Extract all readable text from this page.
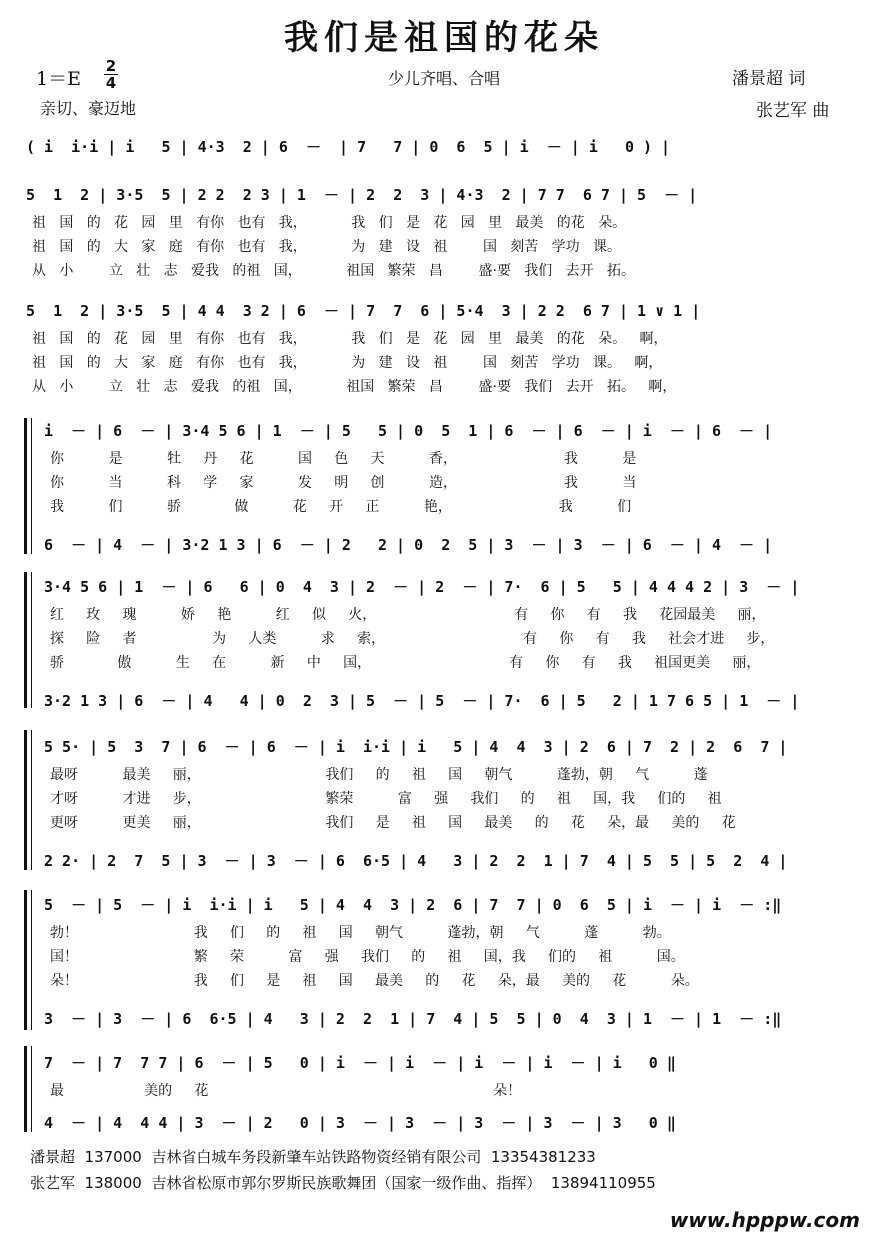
我们是祖国的花朵
1＝E
2
4	少儿齐唱、合唱	潘景超 词
张艺军 曲
亲切、豪迈地
( i  i·i | i   5 | 4·3  2 | 6  －  | 7   7 | 0  6  5 | i  － | i   0 ) |
5  1  2 | 3·5  5 | 2 2  2 3 | 1  － | 2  2  3 | 4·3  2 | 7 7  6 7 | 5  － |
祖   国   的   花   园   里   有你   也有   我，          我   们   是   花   园   里   最美   的花   朵。
祖   国   的   大   家   庭   有你   也有   我，          为   建   设   祖        国   刻苦   学功   课。
从   小        立   壮   志   爱我   的祖   国，          祖国   繁荣   昌        盛·要   我们   去开   拓。
5  1  2 | 3·5  5 | 4 4  3 2 | 6  － | 7  7  6 | 5·4  3 | 2 2  6 7 | 1 ∨ 1 |
祖   国   的   花   园   里   有你   也有   我，          我   们   是   花   园   里   最美   的花   朵。   啊，
祖   国   的   大   家   庭   有你   也有   我，          为   建   设   祖        国   刻苦   学功   课。   啊，
从   小        立   壮   志   爱我   的祖   国，          祖国   繁荣   昌        盛·要   我们   去开   拓。   啊，
i  － | 6  － | 3·4 5 6 | 1  － | 5   5 | 0  5  1 | 6  － | 6  － | i  － | 6  － |
你          是          牡     丹     花          国     色     天          香，                        我          是
你          当          科     学     家          发     明     创          造，                        我          当
我          们          骄            做          花     开     正          艳，                        我          们
6  － | 4  － | 3·2 1 3 | 6  － | 2   2 | 0  2  5 | 3  － | 3  － | 6  － | 4  － |
3·4 5 6 | 1  － | 6   6 | 0  4  3 | 2  － | 2  － | 7·  6 | 5   5 | 4 4 4 2 | 3  － |
红     玫     瑰          娇     艳          红     似     火，                               有     你     有     我     花园最美     丽，
探     险     者                 为     人类          求     索，                               有     你     有     我     社会才进     步，
骄            傲          生     在          新     中     国，                               有     你     有     我     祖国更美     丽，
3·2 1 3 | 6  － | 4   4 | 0  2  3 | 5  － | 5  － | 7·  6 | 5   2 | 1 7 6 5 | 1  － |
5 5· | 5  3  7 | 6  － | 6  － | i  i·i | i   5 | 4  4  3 | 2  6 | 7  2 | 2  6  7 |
最呀          最美     丽，                            我们     的     祖     国     朝气          蓬勃，朝     气          蓬
才呀          才进     步，                            繁荣          富     强     我们     的     祖     国，我     们的     祖
更呀          更美     丽，                            我们     是     祖     国     最美     的     花     朵，最     美的     花
2 2· | 2  7  5 | 3  － | 3  － | 6  6·5 | 4   3 | 2  2  1 | 7  4 | 5  5 | 5  2  4 |
5  － | 5  － | i  i·i | i   5 | 4  4  3 | 2  6 | 7  7 | 0  6  5 | i  － | i  － :‖
勃！                          我     们     的     祖     国     朝气          蓬勃，朝     气          蓬          勃。
国！                          繁     荣          富     强     我们     的     祖     国，我     们的     祖          国。
朵！                          我     们     是     祖     国     最美     的     花     朵，最     美的     花          朵。
3  － | 3  － | 6  6·5 | 4   3 | 2  2  1 | 7  4 | 5  5 | 0  4  3 | 1  － | 1  － :‖
7  － | 7  7 7 | 6  － | 5   0 | i  － | i  － | i  － | i  － | i   0 ‖
最                  美的     花                                                                朵！
4  － | 4  4 4 | 3  － | 2   0 | 3  － | 3  － | 3  － | 3  － | 3   0 ‖
潘景超  137000  吉林省白城车务段新肇车站铁路物资经销有限公司  13354381233
张艺军  138000  吉林省松原市郭尔罗斯民族歌舞团（国家一级作曲、指挥）  13894110955
www.hpppw.com
